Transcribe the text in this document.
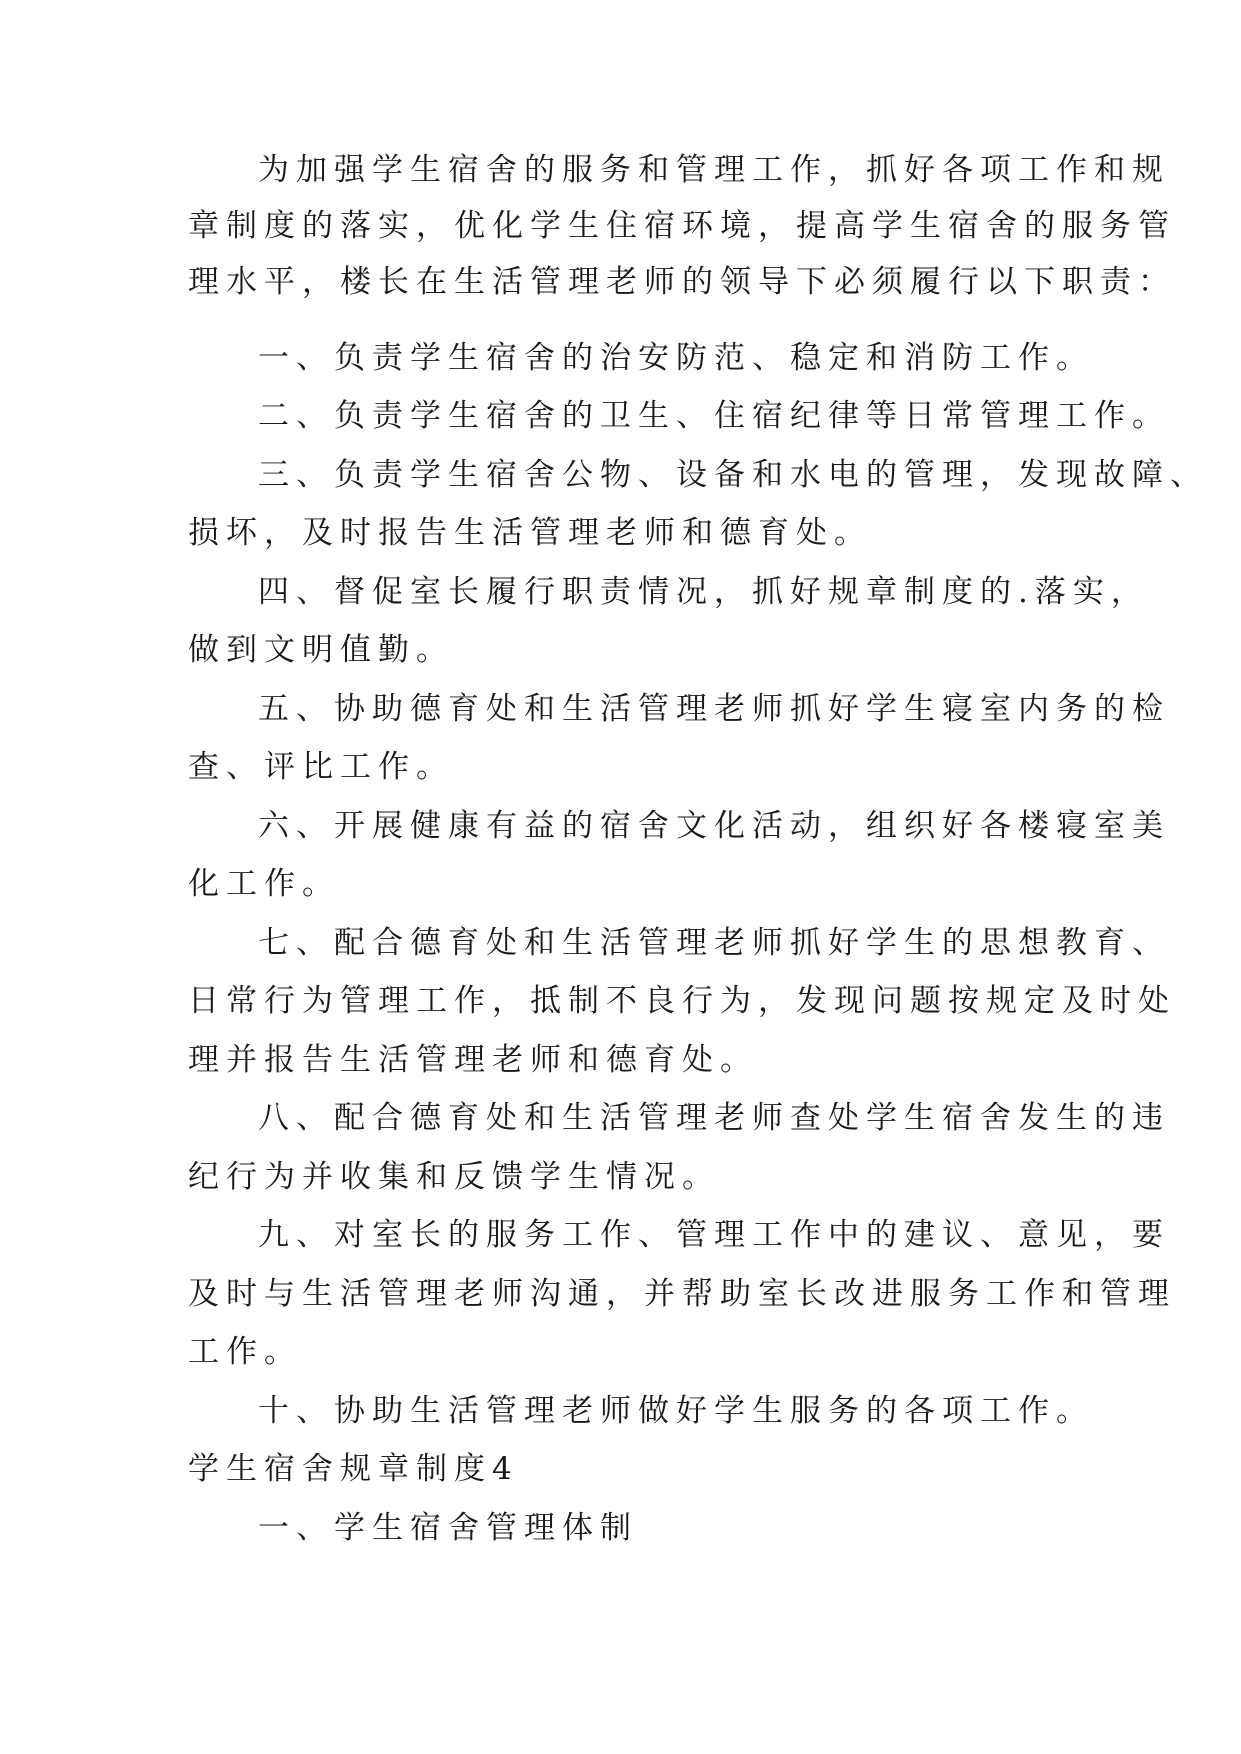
为加强学生宿舍的服务和管理工作，抓好各项工作和规
章制度的落实，优化学生住宿环境，提高学生宿舍的服务管
理水平，楼长在生活管理老师的领导下必须履行以下职责：
一、负责学生宿舍的治安防范、稳定和消防工作。
二、负责学生宿舍的卫生、住宿纪律等日常管理工作。
三、负责学生宿舍公物、设备和水电的管理，发现故障、
损坏，及时报告生活管理老师和德育处。
四、督促室长履行职责情况，抓好规章制度的.落实，
做到文明值勤。
五、协助德育处和生活管理老师抓好学生寝室内务的检
查、评比工作。
六、开展健康有益的宿舍文化活动，组织好各楼寝室美
化工作。
七、配合德育处和生活管理老师抓好学生的思想教育、
日常行为管理工作，抵制不良行为，发现问题按规定及时处
理并报告生活管理老师和德育处。
八、配合德育处和生活管理老师查处学生宿舍发生的违
纪行为并收集和反馈学生情况。
九、对室长的服务工作、管理工作中的建议、意见，要
及时与生活管理老师沟通，并帮助室长改进服务工作和管理
工作。
十、协助生活管理老师做好学生服务的各项工作。
学生宿舍规章制度4
一、学生宿舍管理体制
